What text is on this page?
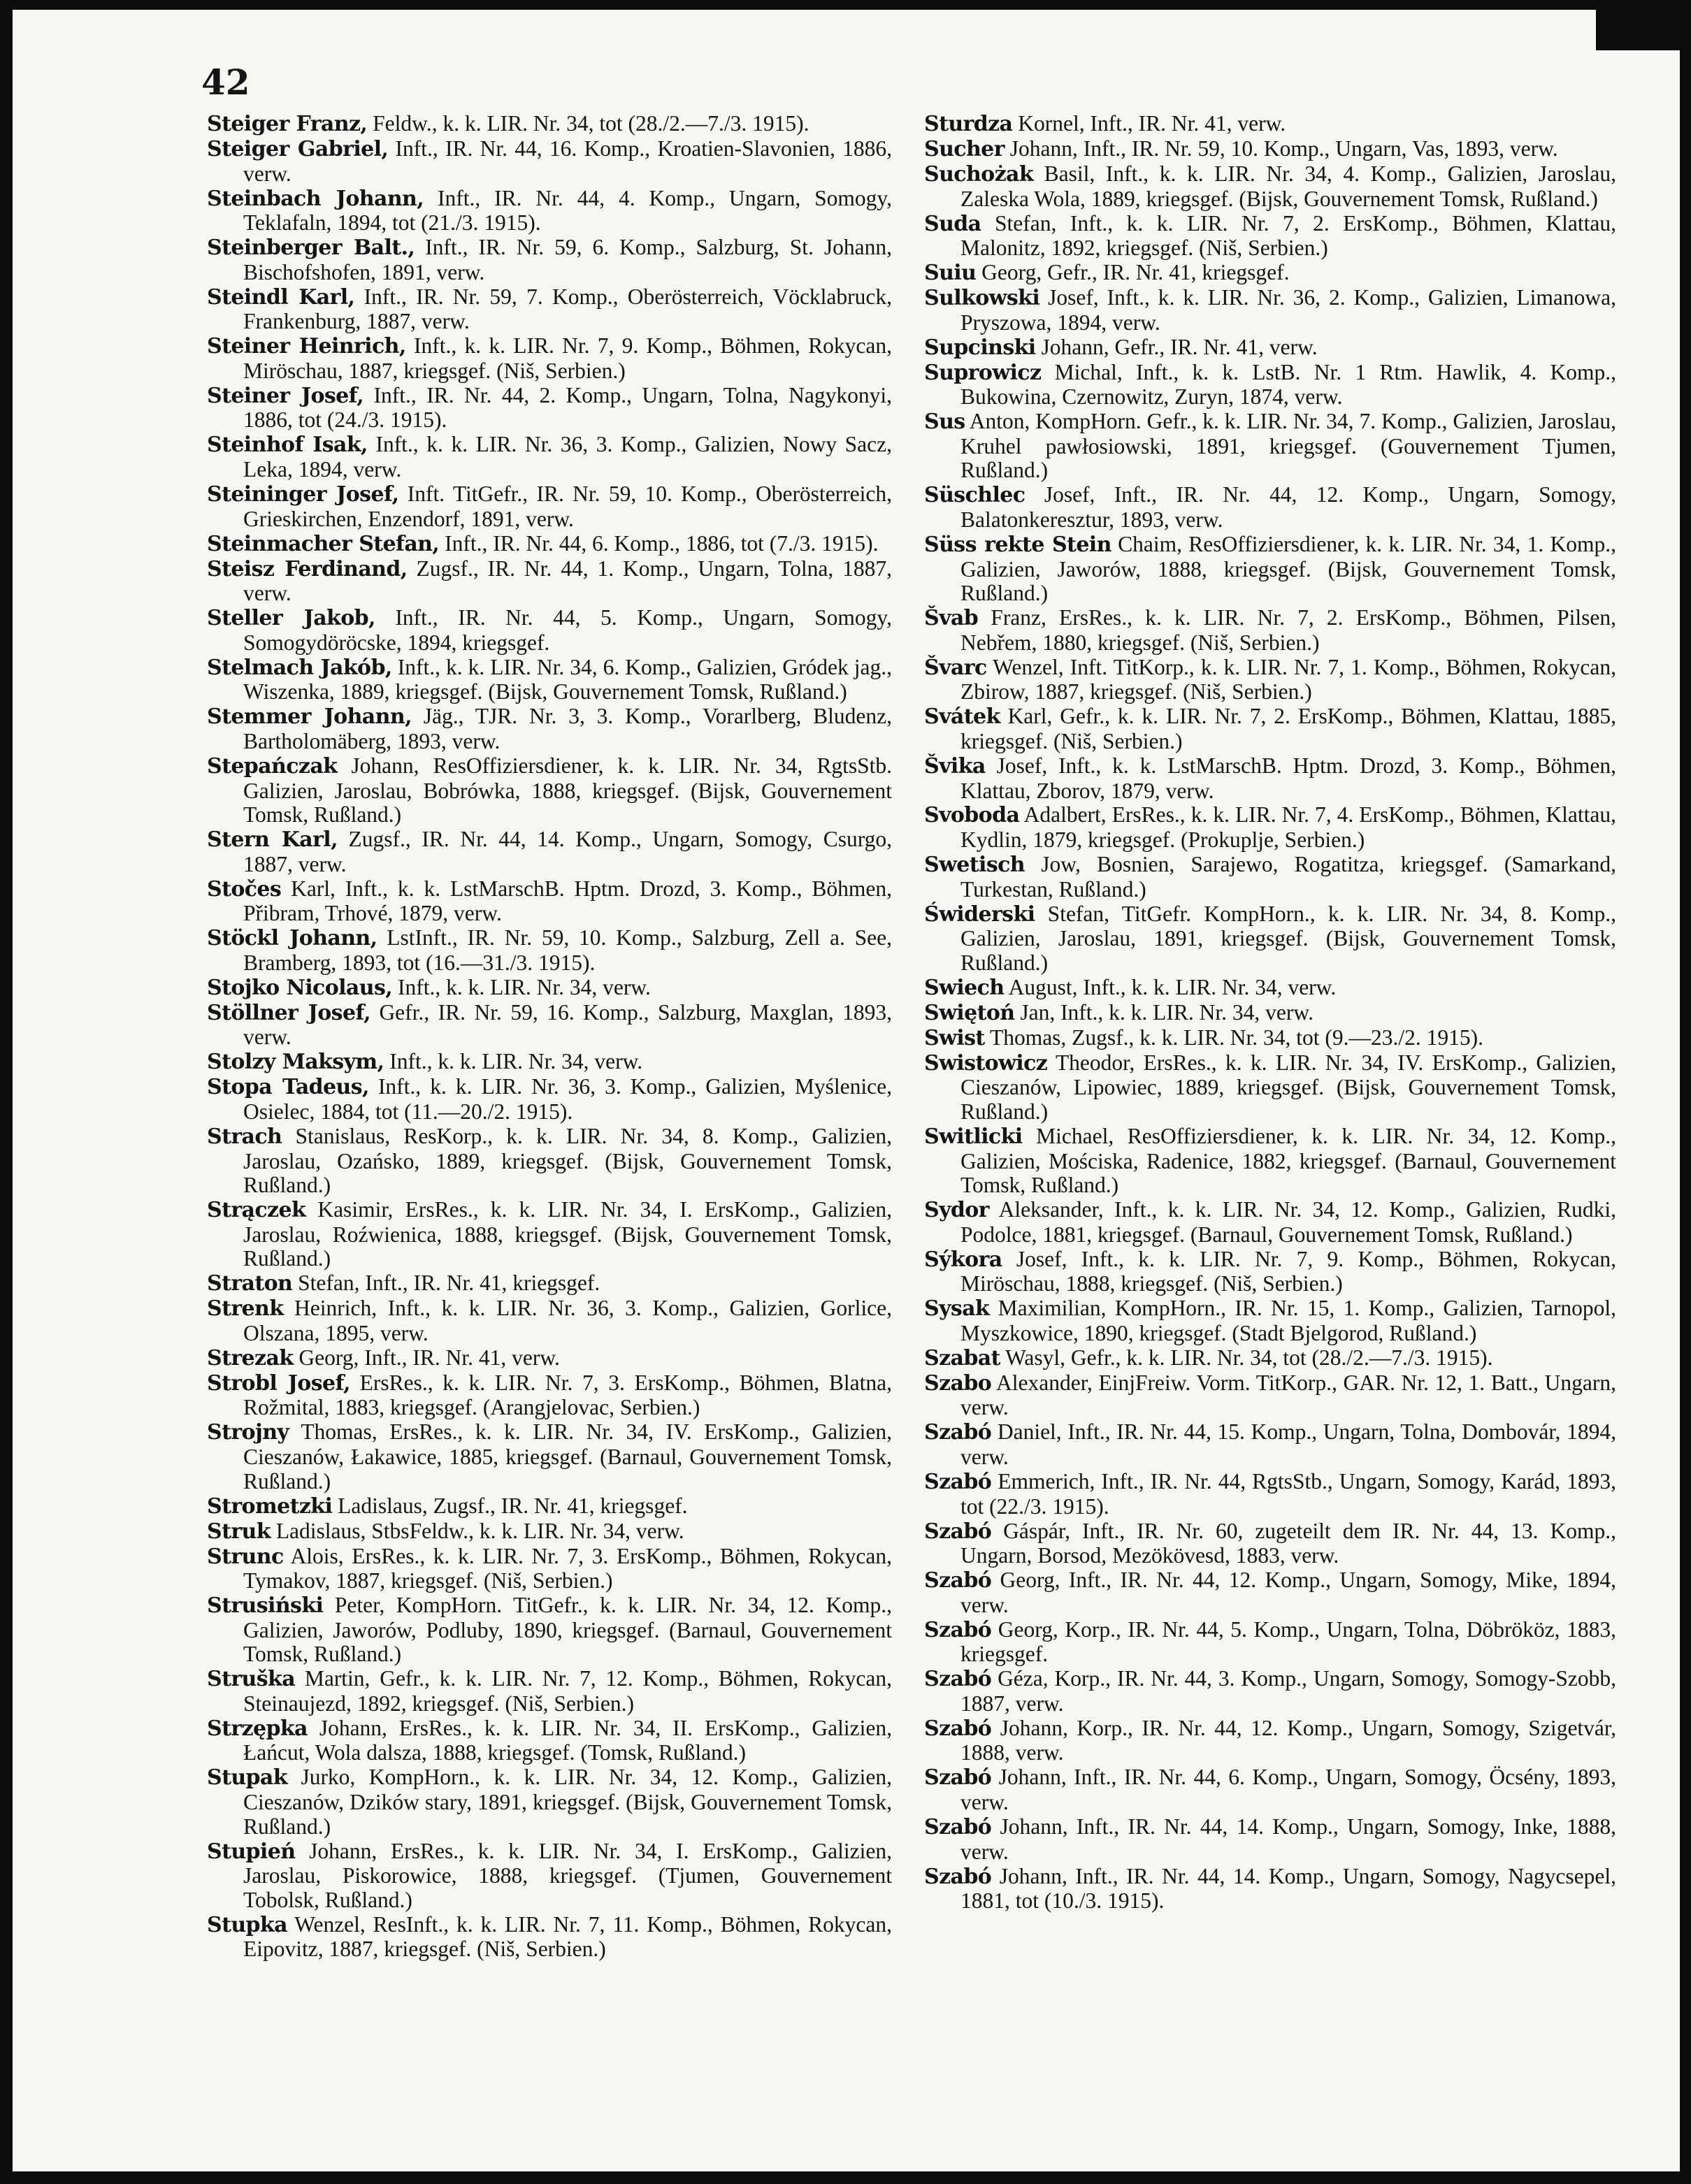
42

Steiger Franz, Feldw., k. k. LIR. Nr. 34, tot (28./2.—7./3. 1915).

Steiger Gabriel, Inft., IR. Nr. 44, 16. Komp., Kroatien-Slavonien, 1886, verw.

Steinbach Johann, Inft., IR. Nr. 44, 4. Komp., Ungarn, Somogy, Teklafaln, 1894, tot (21./3. 1915).

Steinberger Balt., Inft., IR. Nr. 59, 6. Komp., Salzburg, St. Johann, Bischofshofen, 1891, verw.

Steindl Karl, Inft., IR. Nr. 59, 7. Komp., Oberösterreich, Vöcklabruck, Frankenburg, 1887, verw.

Steiner Heinrich, Inft., k. k. LIR. Nr. 7, 9. Komp., Böhmen, Rokycan, Miröschau, 1887, kriegsgef. (Niš, Serbien.)

Steiner Josef, Inft., IR. Nr. 44, 2. Komp., Ungarn, Tolna, Nagykonyi, 1886, tot (24./3. 1915).

Steinhof Isak, Inft., k. k. LIR. Nr. 36, 3. Komp., Galizien, Nowy Sacz, Leka, 1894, verw.

Steininger Josef, Inft. TitGefr., IR. Nr. 59, 10. Komp., Oberösterreich, Grieskirchen, Enzendorf, 1891, verw.

Steinmacher Stefan, Inft., IR. Nr. 44, 6. Komp., 1886, tot (7./3. 1915).

Steisz Ferdinand, Zugsf., IR. Nr. 44, 1. Komp., Ungarn, Tolna, 1887, verw.

Steller Jakob, Inft., IR. Nr. 44, 5. Komp., Ungarn, Somogy, Somogydöröcske, 1894, kriegsgef.

Stelmach Jakób, Inft., k. k. LIR. Nr. 34, 6. Komp., Galizien, Gródek jag., Wiszenka, 1889, kriegsgef. (Bijsk, Gouvernement Tomsk, Rußland.)

Stemmer Johann, Jäg., TJR. Nr. 3, 3. Komp., Vorarlberg, Bludenz, Bartholomäberg, 1893, verw.

Stepańczak Johann, ResOffiziersdiener, k. k. LIR. Nr. 34, RgtsStb. Galizien, Jaroslau, Bobrówka, 1888, kriegsgef. (Bijsk, Gouvernement Tomsk, Rußland.)

Stern Karl, Zugsf., IR. Nr. 44, 14. Komp., Ungarn, Somogy, Csurgo, 1887, verw.

Stočes Karl, Inft., k. k. LstMarschB. Hptm. Drozd, 3. Komp., Böhmen, Přibram, Trhové, 1879, verw.

Stöckl Johann, LstInft., IR. Nr. 59, 10. Komp., Salzburg, Zell a. See, Bramberg, 1893, tot (16.—31./3. 1915).

Stojko Nicolaus, Inft., k. k. LIR. Nr. 34, verw.

Stöllner Josef, Gefr., IR. Nr. 59, 16. Komp., Salzburg, Maxglan, 1893, verw.

Stolzy Maksym, Inft., k. k. LIR. Nr. 34, verw.

Stopa Tadeus, Inft., k. k. LIR. Nr. 36, 3. Komp., Galizien, Myślenice, Osielec, 1884, tot (11.—20./2. 1915).

Strach Stanislaus, ResKorp., k. k. LIR. Nr. 34, 8. Komp., Galizien, Jaroslau, Ozańsko, 1889, kriegsgef. (Bijsk, Gouvernement Tomsk, Rußland.)

Strączek Kasimir, ErsRes., k. k. LIR. Nr. 34, I. ErsKomp., Galizien, Jaroslau, Roźwienica, 1888, kriegsgef. (Bijsk, Gouvernement Tomsk, Rußland.)

Straton Stefan, Inft., IR. Nr. 41, kriegsgef.

Strenk Heinrich, Inft., k. k. LIR. Nr. 36, 3. Komp., Galizien, Gorlice, Olszana, 1895, verw.

Strezak Georg, Inft., IR. Nr. 41, verw.

Strobl Josef, ErsRes., k. k. LIR. Nr. 7, 3. ErsKomp., Böhmen, Blatna, Rožmital, 1883, kriegsgef. (Arangjelovac, Serbien.)

Strojny Thomas, ErsRes., k. k. LIR. Nr. 34, IV. ErsKomp., Galizien, Cieszanów, Łakawice, 1885, kriegsgef. (Barnaul, Gouvernement Tomsk, Rußland.)

Strometzki Ladislaus, Zugsf., IR. Nr. 41, kriegsgef.

Struk Ladislaus, StbsFeldw., k. k. LIR. Nr. 34, verw.

Strunc Alois, ErsRes., k. k. LIR. Nr. 7, 3. ErsKomp., Böhmen, Rokycan, Tymakov, 1887, kriegsgef. (Niš, Serbien.)

Strusiński Peter, KompHorn. TitGefr., k. k. LIR. Nr. 34, 12. Komp., Galizien, Jaworów, Podluby, 1890, kriegsgef. (Barnaul, Gouvernement Tomsk, Rußland.)

Struška Martin, Gefr., k. k. LIR. Nr. 7, 12. Komp., Böhmen, Rokycan, Steinaujezd, 1892, kriegsgef. (Niš, Serbien.)

Strzępka Johann, ErsRes., k. k. LIR. Nr. 34, II. ErsKomp., Galizien, Łańcut, Wola dalsza, 1888, kriegsgef. (Tomsk, Rußland.)

Stupak Jurko, KompHorn., k. k. LIR. Nr. 34, 12. Komp., Galizien, Cieszanów, Dzików stary, 1891, kriegsgef. (Bijsk, Gouvernement Tomsk, Rußland.)

Stupień Johann, ErsRes., k. k. LIR. Nr. 34, I. ErsKomp., Galizien, Jaroslau, Piskorowice, 1888, kriegsgef. (Tjumen, Gouvernement Tobolsk, Rußland.)

Stupka Wenzel, ResInft., k. k. LIR. Nr. 7, 11. Komp., Böhmen, Rokycan, Eipovitz, 1887, kriegsgef. (Niš, Serbien.)

Sturdza Kornel, Inft., IR. Nr. 41, verw.

Sucher Johann, Inft., IR. Nr. 59, 10. Komp., Ungarn, Vas, 1893, verw.

Suchożak Basil, Inft., k. k. LIR. Nr. 34, 4. Komp., Galizien, Jaroslau, Zaleska Wola, 1889, kriegsgef. (Bijsk, Gouvernement Tomsk, Rußland.)

Suda Stefan, Inft., k. k. LIR. Nr. 7, 2. ErsKomp., Böhmen, Klattau, Malonitz, 1892, kriegsgef. (Niš, Serbien.)

Suiu Georg, Gefr., IR. Nr. 41, kriegsgef.

Sulkowski Josef, Inft., k. k. LIR. Nr. 36, 2. Komp., Galizien, Limanowa, Pryszowa, 1894, verw.

Supcinski Johann, Gefr., IR. Nr. 41, verw.

Suprowicz Michal, Inft., k. k. LstB. Nr. 1 Rtm. Hawlik, 4. Komp., Bukowina, Czernowitz, Zuryn, 1874, verw.

Sus Anton, KompHorn. Gefr., k. k. LIR. Nr. 34, 7. Komp., Galizien, Jaroslau, Kruhel pawłosiowski, 1891, kriegsgef. (Gouvernement Tjumen, Rußland.)

Süschlec Josef, Inft., IR. Nr. 44, 12. Komp., Ungarn, Somogy, Balatonkeresztur, 1893, verw.

Süss rekte Stein Chaim, ResOffiziersdiener, k. k. LIR. Nr. 34, 1. Komp., Galizien, Jaworów, 1888, kriegsgef. (Bijsk, Gouvernement Tomsk, Rußland.)

Švab Franz, ErsRes., k. k. LIR. Nr. 7, 2. ErsKomp., Böhmen, Pilsen, Nebřem, 1880, kriegsgef. (Niš, Serbien.)

Švarc Wenzel, Inft. TitKorp., k. k. LIR. Nr. 7, 1. Komp., Böhmen, Rokycan, Zbirow, 1887, kriegsgef. (Niš, Serbien.)

Svátek Karl, Gefr., k. k. LIR. Nr. 7, 2. ErsKomp., Böhmen, Klattau, 1885, kriegsgef. (Niš, Serbien.)

Švika Josef, Inft., k. k. LstMarschB. Hptm. Drozd, 3. Komp., Böhmen, Klattau, Zborov, 1879, verw.

Svoboda Adalbert, ErsRes., k. k. LIR. Nr. 7, 4. ErsKomp., Böhmen, Klattau, Kydlin, 1879, kriegsgef. (Prokuplje, Serbien.)

Swetisch Jow, Bosnien, Sarajewo, Rogatitza, kriegsgef. (Samarkand, Turkestan, Rußland.)

Świderski Stefan, TitGefr. KompHorn., k. k. LIR. Nr. 34, 8. Komp., Galizien, Jaroslau, 1891, kriegsgef. (Bijsk, Gouvernement Tomsk, Rußland.)

Swiech August, Inft., k. k. LIR. Nr. 34, verw.

Swiętoń Jan, Inft., k. k. LIR. Nr. 34, verw.

Swist Thomas, Zugsf., k. k. LIR. Nr. 34, tot (9.—23./2. 1915).

Swistowicz Theodor, ErsRes., k. k. LIR. Nr. 34, IV. ErsKomp., Galizien, Cieszanów, Lipowiec, 1889, kriegsgef. (Bijsk, Gouvernement Tomsk, Rußland.)

Switlicki Michael, ResOffiziersdiener, k. k. LIR. Nr. 34, 12. Komp., Galizien, Mościska, Radenice, 1882, kriegsgef. (Barnaul, Gouvernement Tomsk, Rußland.)

Sydor Aleksander, Inft., k. k. LIR. Nr. 34, 12. Komp., Galizien, Rudki, Podolce, 1881, kriegsgef. (Barnaul, Gouvernement Tomsk, Rußland.)

Sýkora Josef, Inft., k. k. LIR. Nr. 7, 9. Komp., Böhmen, Rokycan, Miröschau, 1888, kriegsgef. (Niš, Serbien.)

Sysak Maximilian, KompHorn., IR. Nr. 15, 1. Komp., Galizien, Tarnopol, Myszkowice, 1890, kriegsgef. (Stadt Bjelgorod, Rußland.)

Szabat Wasyl, Gefr., k. k. LIR. Nr. 34, tot (28./2.—7./3. 1915).

Szabo Alexander, EinjFreiw. Vorm. TitKorp., GAR. Nr. 12, 1. Batt., Ungarn, verw.

Szabó Daniel, Inft., IR. Nr. 44, 15. Komp., Ungarn, Tolna, Dombovár, 1894, verw.

Szabó Emmerich, Inft., IR. Nr. 44, RgtsStb., Ungarn, Somogy, Karád, 1893, tot (22./3. 1915).

Szabó Gáspár, Inft., IR. Nr. 60, zugeteilt dem IR. Nr. 44, 13. Komp., Ungarn, Borsod, Mezökövesd, 1883, verw.

Szabó Georg, Inft., IR. Nr. 44, 12. Komp., Ungarn, Somogy, Mike, 1894, verw.

Szabó Georg, Korp., IR. Nr. 44, 5. Komp., Ungarn, Tolna, Döbrököz, 1883, kriegsgef.

Szabó Géza, Korp., IR. Nr. 44, 3. Komp., Ungarn, Somogy, Somogy-Szobb, 1887, verw.

Szabó Johann, Korp., IR. Nr. 44, 12. Komp., Ungarn, Somogy, Szigetvár, 1888, verw.

Szabó Johann, Inft., IR. Nr. 44, 6. Komp., Ungarn, Somogy, Öcsény, 1893, verw.

Szabó Johann, Inft., IR. Nr. 44, 14. Komp., Ungarn, Somogy, Inke, 1888, verw.

Szabó Johann, Inft., IR. Nr. 44, 14. Komp., Ungarn, Somogy, Nagycsepel, 1881, tot (10./3. 1915).
